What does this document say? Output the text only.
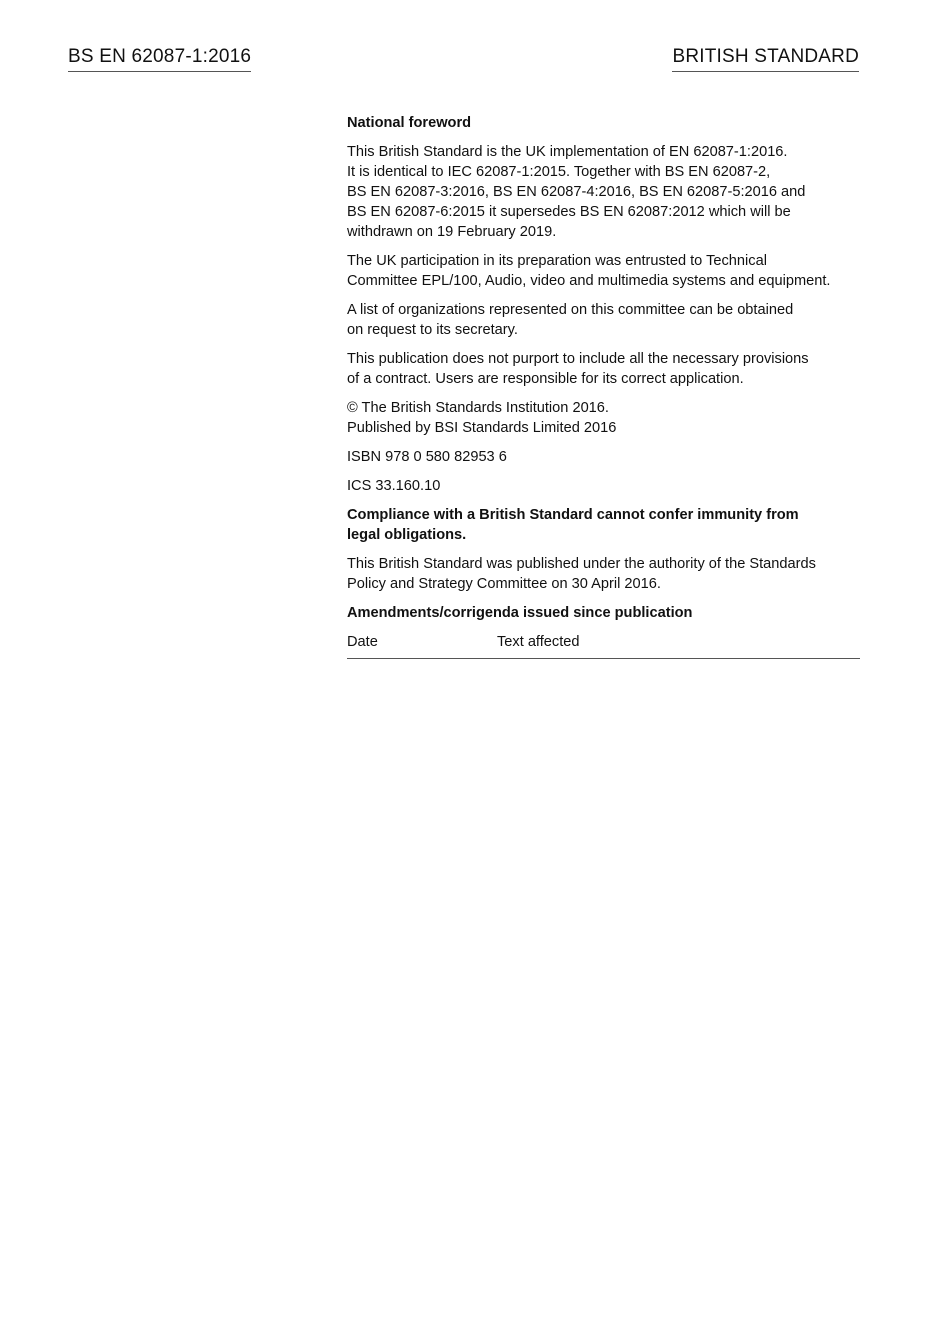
BS EN 62087-1:2016	BRITISH STANDARD

National foreword

This British Standard is the UK implementation of EN 62087-1:2016.
It is identical to IEC 62087-1:2015. Together with BS EN 62087-2,
BS EN 62087-3:2016, BS EN 62087-4:2016, BS EN 62087-5:2016 and
BS EN 62087-6:2015 it supersedes BS EN 62087:2012 which will be
withdrawn on 19 February 2019.

The UK participation in its preparation was entrusted to Technical
Committee EPL/100, Audio, video and multimedia systems and equipment.

A list of organizations represented on this committee can be obtained
on request to its secretary.

This publication does not purport to include all the necessary provisions
of a contract. Users are responsible for its correct application.

© The British Standards Institution 2016.
Published by BSI Standards Limited 2016

ISBN 978 0 580 82953 6

ICS 33.160.10

Compliance with a British Standard cannot confer immunity from
legal obligations.

This British Standard was published under the authority of the Standards
Policy and Strategy Committee on 30 April 2016.

Amendments/corrigenda issued since publication

Date	Text affected
